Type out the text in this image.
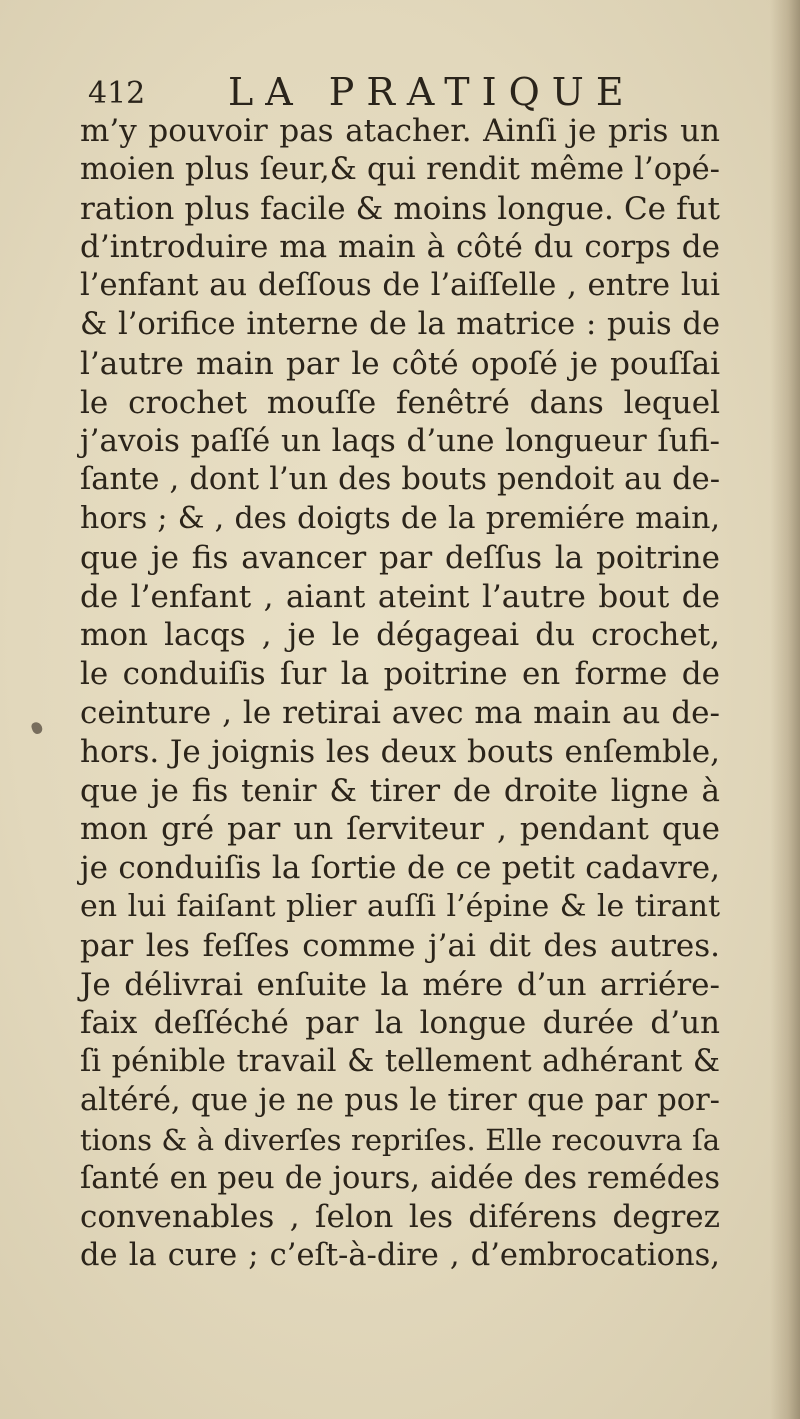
412 LA PRATIQUE
m’y pouvoir pas atacher. Ainſi je pris un
moien plus ſeur,& qui rendit même l’opé-
ration plus facile & moins longue. Ce fut
d’introduire ma main à côté du corps de
l’enfant au deſſous de l’aiſſelle , entre lui
& l’orifice interne de la matrice : puis de
l’autre main par le côté opoſé je pouſſai
le crochet mouſſe fenêtré dans lequel
j’avois paſſé un laqs d’une longueur ſufi-
ſante , dont l’un des bouts pendoit au de-
hors ; & , des doigts de la premiére main,
que je fis avancer par deſſus la poitrine
de l’enfant , aiant ateint l’autre bout de
mon lacqs , je le dégageai du crochet,
le conduiſis ſur la poitrine en forme de
ceinture , le retirai avec ma main au de-
hors. Je joignis les deux bouts enſemble,
que je fis tenir & tirer de droite ligne à
mon gré par un ſerviteur , pendant que
je conduiſis la ſortie de ce petit cadavre,
en lui faiſant plier auſſi l’épine & le tirant
par les feſſes comme j’ai dit des autres.
Je délivrai enſuite la mére d’un arriére-
faix deſſéché par la longue durée d’un
ſi pénible travail & tellement adhérant &
altéré, que je ne pus le tirer que par por-
tions & à diverſes repriſes. Elle recouvra ſa
ſanté en peu de jours, aidée des remédes
convenables , ſelon les diférens degrez
de la cure ; c’eſt-à-dire , d’embrocations,
